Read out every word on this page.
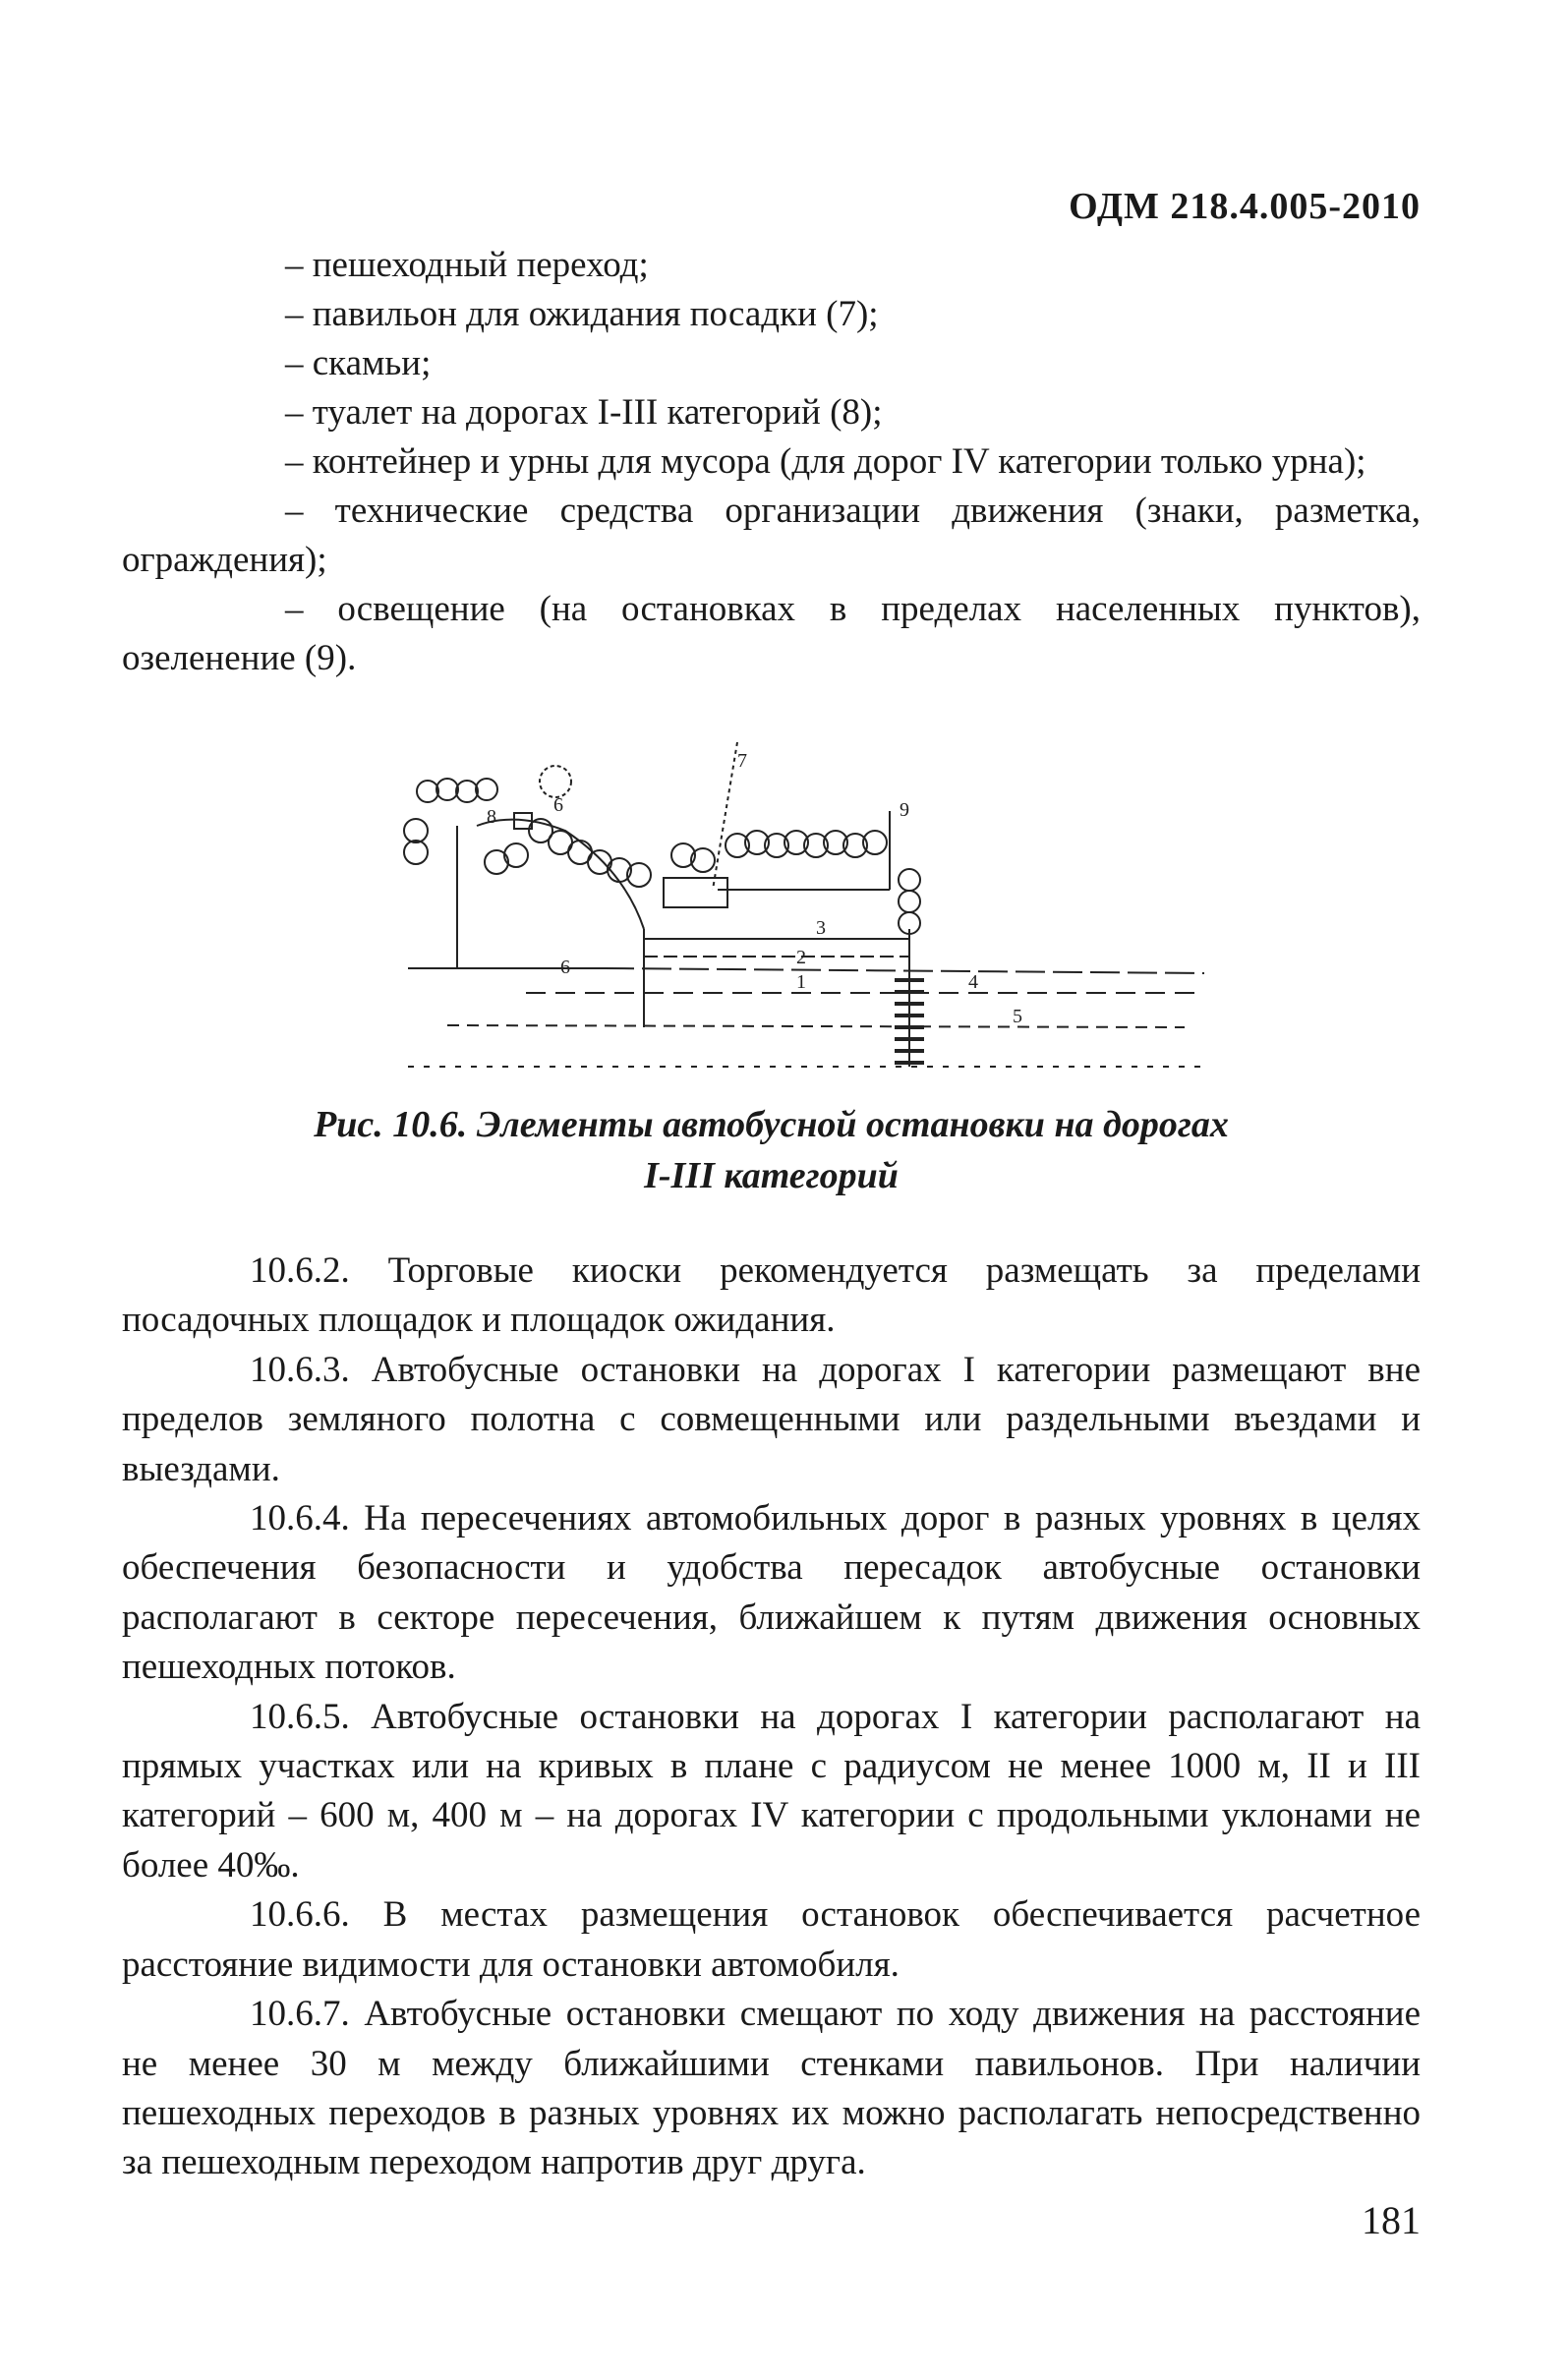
ОДМ 218.4.005-2010

– пешеходный переход;

– павильон для ожидания посадки (7);

– скамьи;

– туалет на дорогах I-III категорий (8);

– контейнер и урны для мусора (для дорог IV категории только урна);

– технические средства организации движения (знаки, разметка, ограждения);

– освещение (на остановках в пределах населенных пунктов), озеленение (9).

9
8
6
3
2
1	4
5
6
7
Рис. 10.6. Элементы автобусной остановки на дорогах
I-III категорий

10.6.2. Торговые киоски рекомендуется размещать за пределами посадочных площадок и площадок ожидания.

10.6.3. Автобусные остановки на дорогах I категории размещают вне пределов земляного полотна с совмещенными или раздельными въездами и выездами.

10.6.4. На пересечениях автомобильных дорог в разных уровнях в целях обеспечения безопасности и удобства пересадок автобусные остановки располагают в секторе пересечения, ближайшем к путям движения основных пешеходных потоков.

10.6.5. Автобусные остановки на дорогах I категории располагают на прямых участках или на кривых в плане с радиусом не менее 1000 м, II и III категорий – 600 м, 400 м – на дорогах IV категории с продольными уклонами не более 40‰.

10.6.6. В местах размещения остановок обеспечивается расчетное расстояние видимости для остановки автомобиля.

10.6.7. Автобусные остановки смещают по ходу движения на расстояние не менее 30 м между ближайшими стенками павильонов. При наличии пешеходных переходов в разных уровнях их можно располагать непосредственно за пешеходным переходом напротив друг друга.

181
